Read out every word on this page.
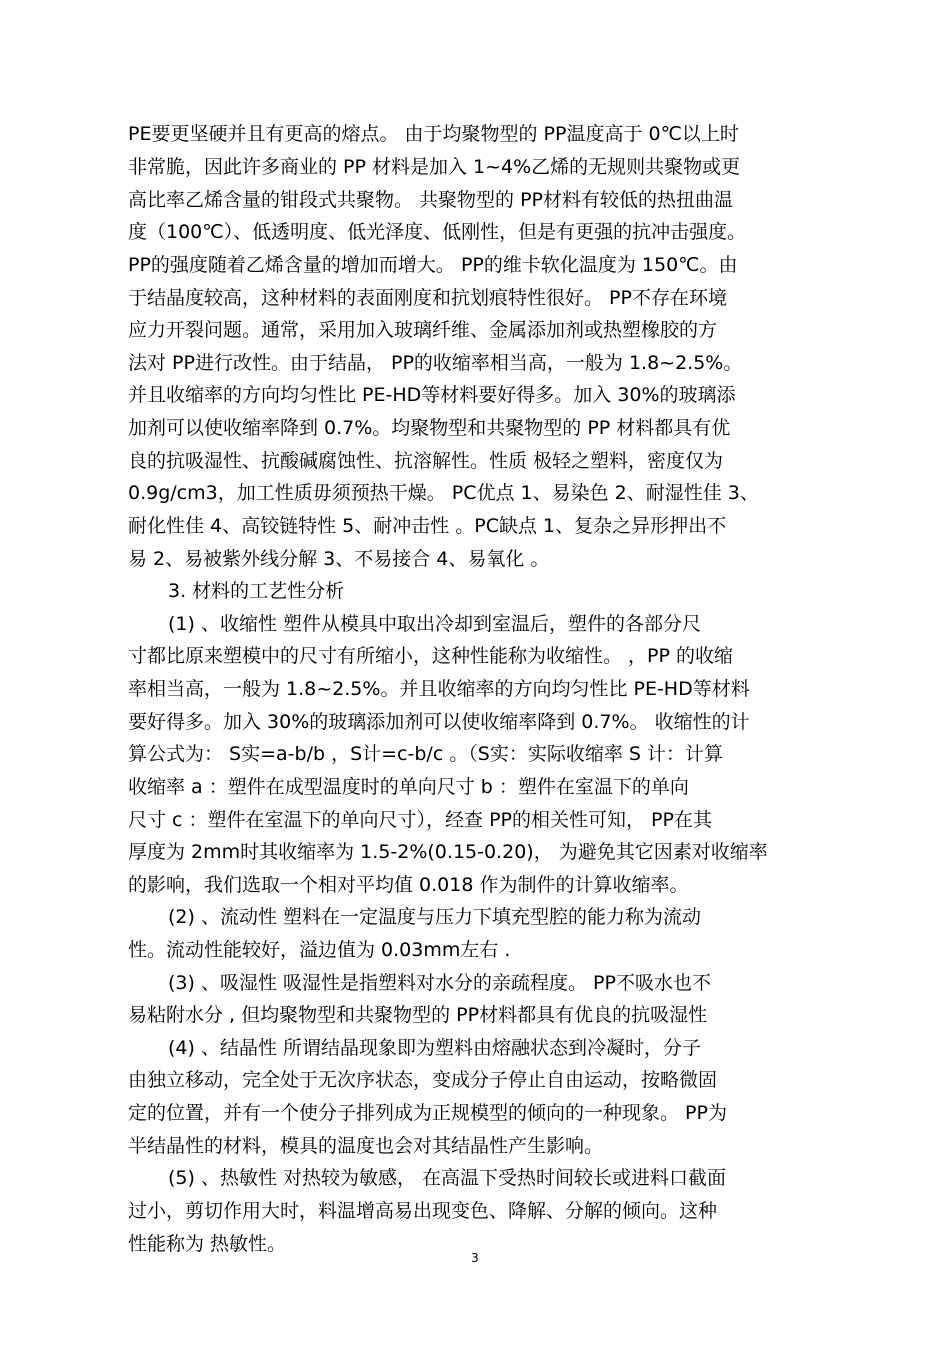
PE要更坚硬并且有更高的熔点。 由于均聚物型的 PP温度高于 0℃以上时
非常脆，因此许多商业的 PP 材料是加入 1~4%乙烯的无规则共聚物或更
高比率乙烯含量的钳段式共聚物。 共聚物型的 PP材料有较低的热扭曲温
度（100℃）、低透明度、低光泽度、低刚性，但是有更强的抗冲击强度。
PP的强度随着乙烯含量的增加而增大。 PP的维卡软化温度为 150℃。由
于结晶度较高，这种材料的表面刚度和抗划痕特性很好。 PP不存在环境
应力开裂问题。通常，采用加入玻璃纤维、金属添加剂或热塑橡胶的方
法对 PP进行改性。由于结晶， PP的收缩率相当高，一般为 1.8~2.5%。
并且收缩率的方向均匀性比 PE-HD等材料要好得多。加入 30%的玻璃添
加剂可以使收缩率降到 0.7%。均聚物型和共聚物型的 PP 材料都具有优
良的抗吸湿性、抗酸碱腐蚀性、抗溶解性。性质 极轻之塑料，密度仅为
0.9g/cm3，加工性质毋须预热干燥。 PC优点 1、易染色 2、耐湿性佳 3、
耐化性佳 4、高铰链特性 5、耐冲击性 。PC缺点 1、复杂之异形押出不
易 2、易被紫外线分解 3、不易接合 4、易氧化 。
3. 材料的工艺性分析
(1) 、收缩性 塑件从模具中取出冷却到室温后，塑件的各部分尺
寸都比原来塑模中的尺寸有所缩小，这种性能称为收缩性。 ，PP 的收缩
率相当高，一般为 1.8~2.5%。并且收缩率的方向均匀性比 PE-HD等材料
要好得多。加入 30%的玻璃添加剂可以使收缩率降到 0.7%。 收缩性的计
算公式为： S实=a-b/b ，S计=c-b/c 。（S实：实际收缩率 S 计：计算
收缩率 a ：塑件在成型温度时的单向尺寸 b ：塑件在室温下的单向
尺寸 c ：塑件在室温下的单向尺寸），经查 PP的相关性可知， PP在其
厚度为 2mm时其收缩率为 1.5-2%(0.15-0.20)， 为避免其它因素对收缩率
的影响，我们选取一个相对平均值 0.018 作为制件的计算收缩率。
(2) 、流动性 塑料在一定温度与压力下填充型腔的能力称为流动
性。流动性能较好，溢边值为 0.03mm左右 .
(3) 、吸湿性 吸湿性是指塑料对水分的亲疏程度。 PP不吸水也不
易粘附水分 , 但均聚物型和共聚物型的 PP材料都具有优良的抗吸湿性
(4) 、结晶性 所谓结晶现象即为塑料由熔融状态到冷凝时，分子
由独立移动，完全处于无次序状态，变成分子停止自由运动，按略微固
定的位置，并有一个使分子排列成为正规模型的倾向的一种现象。 PP为
半结晶性的材料，模具的温度也会对其结晶性产生影响。
(5) 、热敏性 对热较为敏感， 在高温下受热时间较长或进料口截面
过小，剪切作用大时，料温增高易出现变色、降解、分解的倾向。这种
性能称为 热敏性。
3
